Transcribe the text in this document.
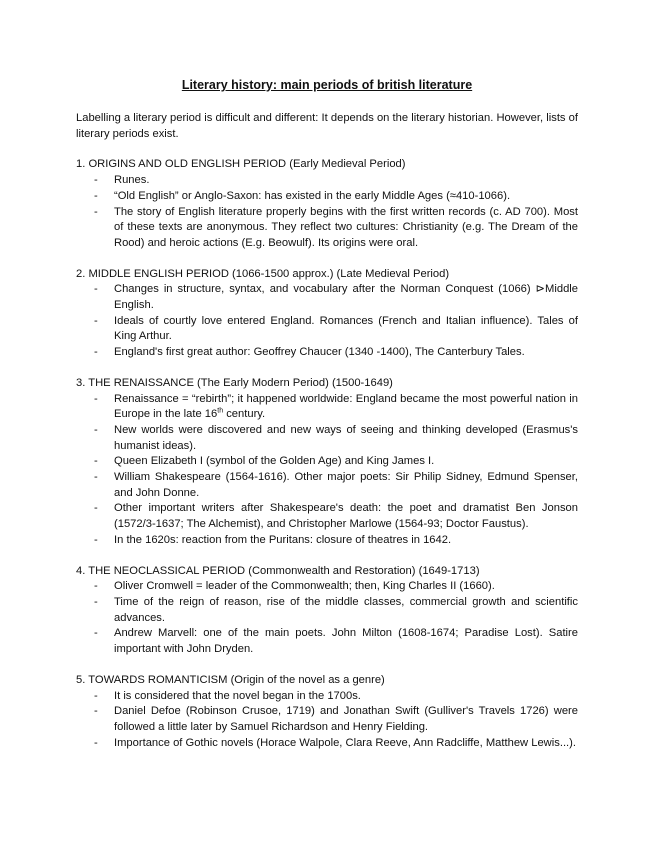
Literary history: main periods of british literature

Labelling a literary period is difficult and different: It depends on the literary historian. However, lists of literary periods exist.

1. ORIGINS AND OLD ENGLISH PERIOD (Early Medieval Period)
- Runes.
- “Old English” or Anglo-Saxon: has existed in the early Middle Ages (≈410-1066).
- The story of English literature properly begins with the first written records (c. AD 700). Most of these texts are anonymous. They reflect two cultures: Christianity (e.g. The Dream of the Rood) and heroic actions (E.g. Beowulf). Its origins were oral.
2. MIDDLE ENGLISH PERIOD (1066-1500 approx.) (Late Medieval Period)
- Changes in structure, syntax, and vocabulary after the Norman Conquest (1066) ⊳Middle English.
- Ideals of courtly love entered England. Romances (French and Italian influence). Tales of King Arthur.
- England's first great author: Geoffrey Chaucer (1340 -1400), The Canterbury Tales.
3. THE RENAISSANCE (The Early Modern Period) (1500-1649)
- Renaissance = “rebirth”; it happened worldwide: England became the most powerful nation in Europe in the late 16th century.
- New worlds were discovered and new ways of seeing and thinking developed (Erasmus's humanist ideas).
- Queen Elizabeth I (symbol of the Golden Age) and King James I.
- William Shakespeare (1564-1616). Other major poets: Sir Philip Sidney, Edmund Spenser, and John Donne.
- Other important writers after Shakespeare's death: the poet and dramatist Ben Jonson (1572/3-1637; The Alchemist), and Christopher Marlowe (1564-93; Doctor Faustus).
- In the 1620s: reaction from the Puritans: closure of theatres in 1642.
4. THE NEOCLASSICAL PERIOD (Commonwealth and Restoration) (1649-1713)
- Oliver Cromwell = leader of the Commonwealth; then, King Charles II (1660).
- Time of the reign of reason, rise of the middle classes, commercial growth and scientific advances.
- Andrew Marvell: one of the main poets. John Milton (1608-1674; Paradise Lost). Satire important with John Dryden.
5. TOWARDS ROMANTICISM (Origin of the novel as a genre)
- It is considered that the novel began in the 1700s.
- Daniel Defoe (Robinson Crusoe, 1719) and Jonathan Swift (Gulliver's Travels 1726) were followed a little later by Samuel Richardson and Henry Fielding.
- Importance of Gothic novels (Horace Walpole, Clara Reeve, Ann Radcliffe, Matthew Lewis...).
